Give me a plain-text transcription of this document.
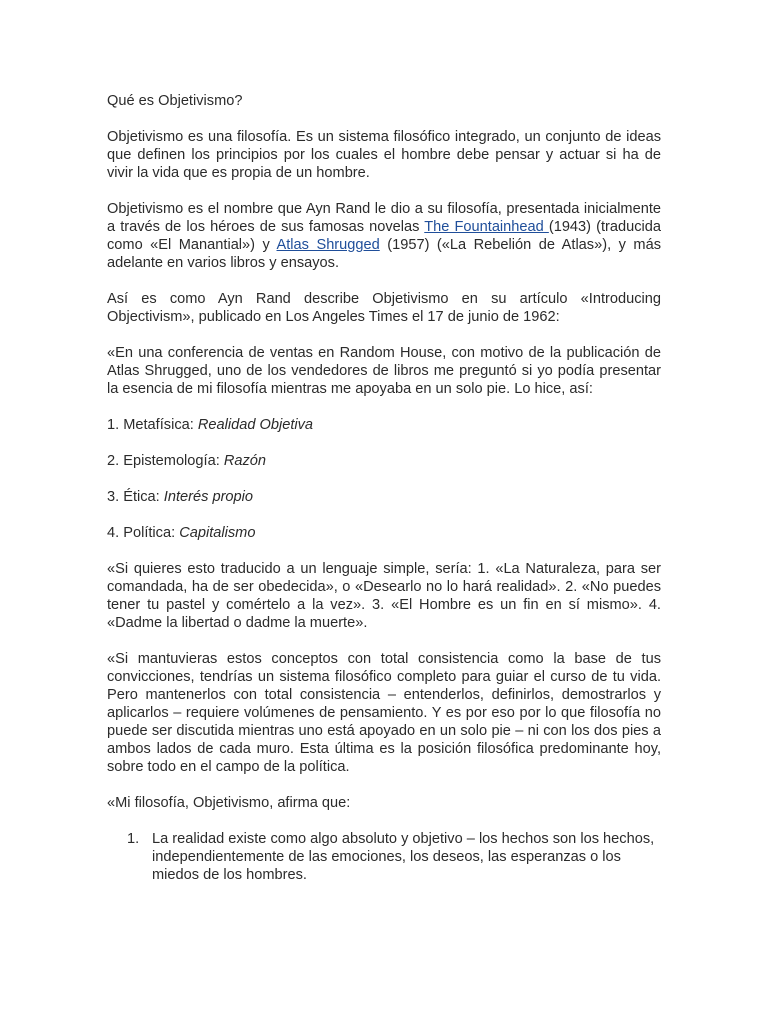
Qué es Objetivismo?

Objetivismo es una filosofía. Es un sistema filosófico integrado, un conjunto de ideas que definen los principios por los cuales el hombre debe pensar y actuar si ha de vivir la vida que es propia de un hombre.

Objetivismo es el nombre que Ayn Rand le dio a su filosofía, presentada inicialmente a través de los héroes de sus famosas novelas The Fountainhead (1943) (traducida como «El Manantial») y Atlas Shrugged (1957) («La Rebelión de Atlas»), y más adelante en varios libros y ensayos.

Así es como Ayn Rand describe Objetivismo en su artículo «Introducing Objectivism», publicado en Los Angeles Times el 17 de junio de 1962:

«En una conferencia de ventas en Random House, con motivo de la publicación de Atlas Shrugged, uno de los vendedores de libros me preguntó si yo podía presentar la esencia de mi filosofía mientras me apoyaba en un solo pie. Lo hice, así:

1. Metafísica: Realidad Objetiva

2. Epistemología: Razón

3. Ética: Interés propio

4. Política: Capitalismo

«Si quieres esto traducido a un lenguaje simple, sería: 1. «La Naturaleza, para ser comandada, ha de ser obedecida», o «Desearlo no lo hará realidad». 2. «No puedes tener tu pastel y comértelo a la vez». 3. «El Hombre es un fin en sí mismo». 4. «Dadme la libertad o dadme la muerte».

«Si mantuvieras estos conceptos con total consistencia como la base de tus convicciones, tendrías un sistema filosófico completo para guiar el curso de tu vida. Pero mantenerlos con total consistencia – entenderlos, definirlos, demostrarlos y aplicarlos – requiere volúmenes de pensamiento. Y es por eso por lo que filosofía no puede ser discutida mientras uno está apoyado en un solo pie – ni con los dos pies a ambos lados de cada muro. Esta última es la posición filosófica predominante hoy, sobre todo en el campo de la política.

«Mi filosofía, Objetivismo, afirma que:

1. La realidad existe como algo absoluto y objetivo – los hechos son los hechos, independientemente de las emociones, los deseos, las esperanzas o los miedos de los hombres.
